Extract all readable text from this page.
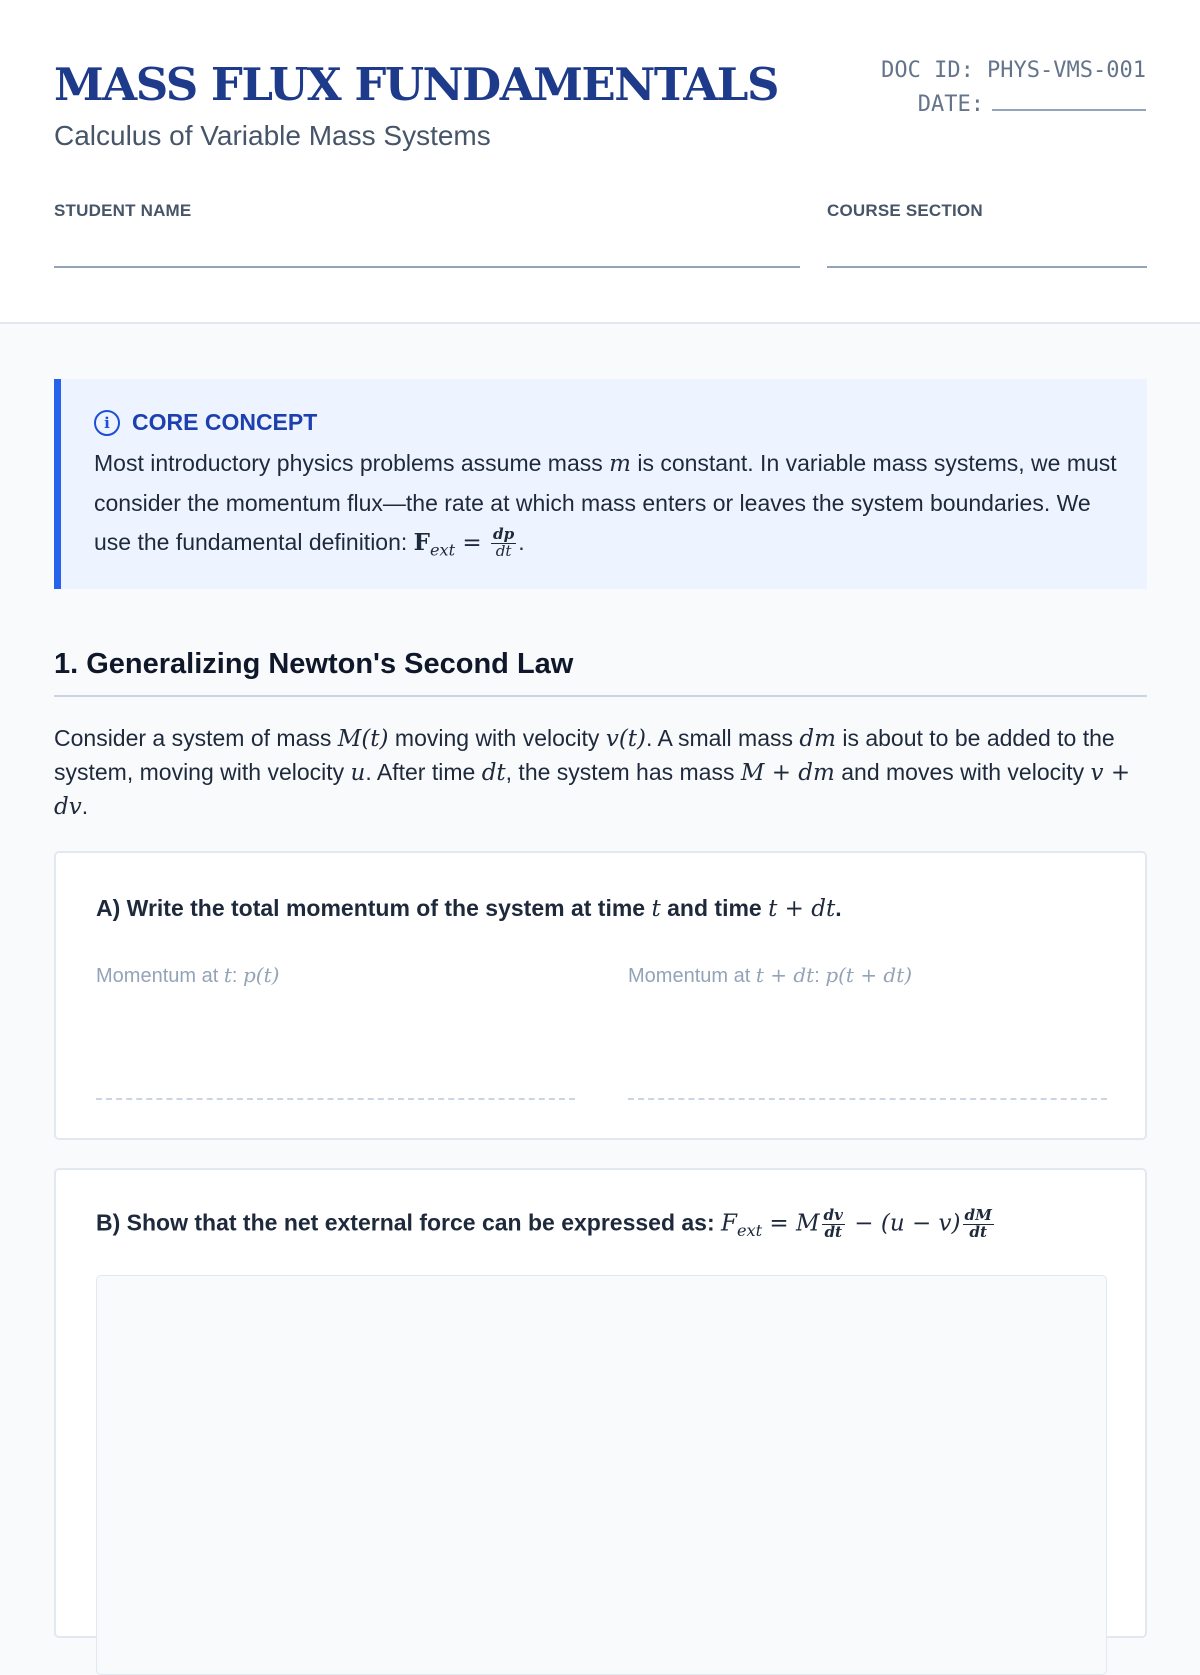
MASS FLUX FUNDAMENTALS
Calculus of Variable Mass Systems
DOC ID: PHYS-VMS-001
DATE:
STUDENT NAME	COURSE SECTION
i CORE CONCEPT
Most introductory physics problems assume mass m is constant. In variable mass systems, we must consider the momentum flux—the rate at which mass enters or leaves the system boundaries. We use the fundamental definition: $F_{ext} = \frac{dp}{dt}$ .
1. Generalizing Newton's Second Law
Consider a system of mass M(t) moving with velocity v(t). A small mass dm is about to be added to the system, moving with velocity u. After time dt, the system has mass M + dm and moves with velocity v + dv.
A) Write the total momentum of the system at time t and time t + dt.
Momentum at t: p(t)	Momentum at t + dt: p(t + dt)
B) Show that the net external force can be expressed as: $F_{ext} = M \frac{dv}{dt} - (u - v) \frac{dM}{dt}$
